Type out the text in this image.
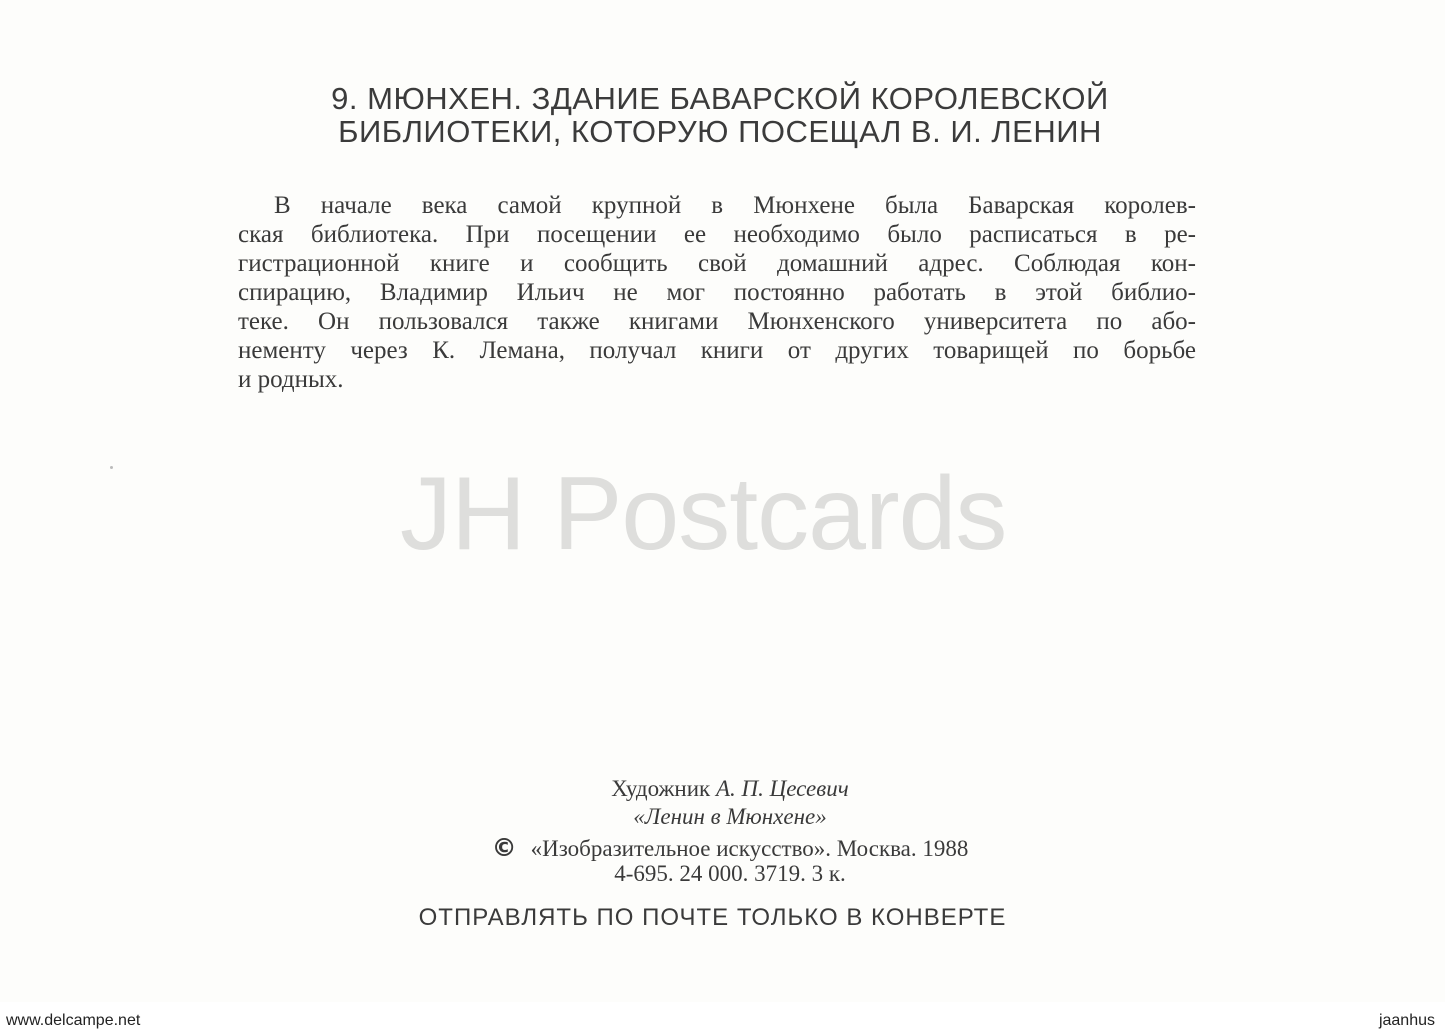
9. МЮНХЕН. ЗДАНИЕ БАВАРСКОЙ КОРОЛЕВСКОЙ
БИБЛИОТЕКИ, КОТОРУЮ ПОСЕЩАЛ В. И. ЛЕНИН
В начале века самой крупной в Мюнхене была Баварская королев-
ская библиотека. При посещении ее необходимо было расписаться в ре-
гистрационной книге и сообщить свой домашний адрес. Соблюдая кон-
спирацию, Владимир Ильич не мог постоянно работать в этой библио-
теке. Он пользовался также книгами Мюнхенского университета по або-
нементу через К. Лемана, получал книги от других товарищей по борьбе
и родных.
JH Postcards
Художник А. П. Цесевич
«Ленин в Мюнхене»
© «Изобразительное искусство». Москва. 1988
4-695. 24 000. 3719. 3 к.
ОТПРАВЛЯТЬ ПО ПОЧТЕ ТОЛЬКО В КОНВЕРТЕ
www.delcampe.net	jaanhus
